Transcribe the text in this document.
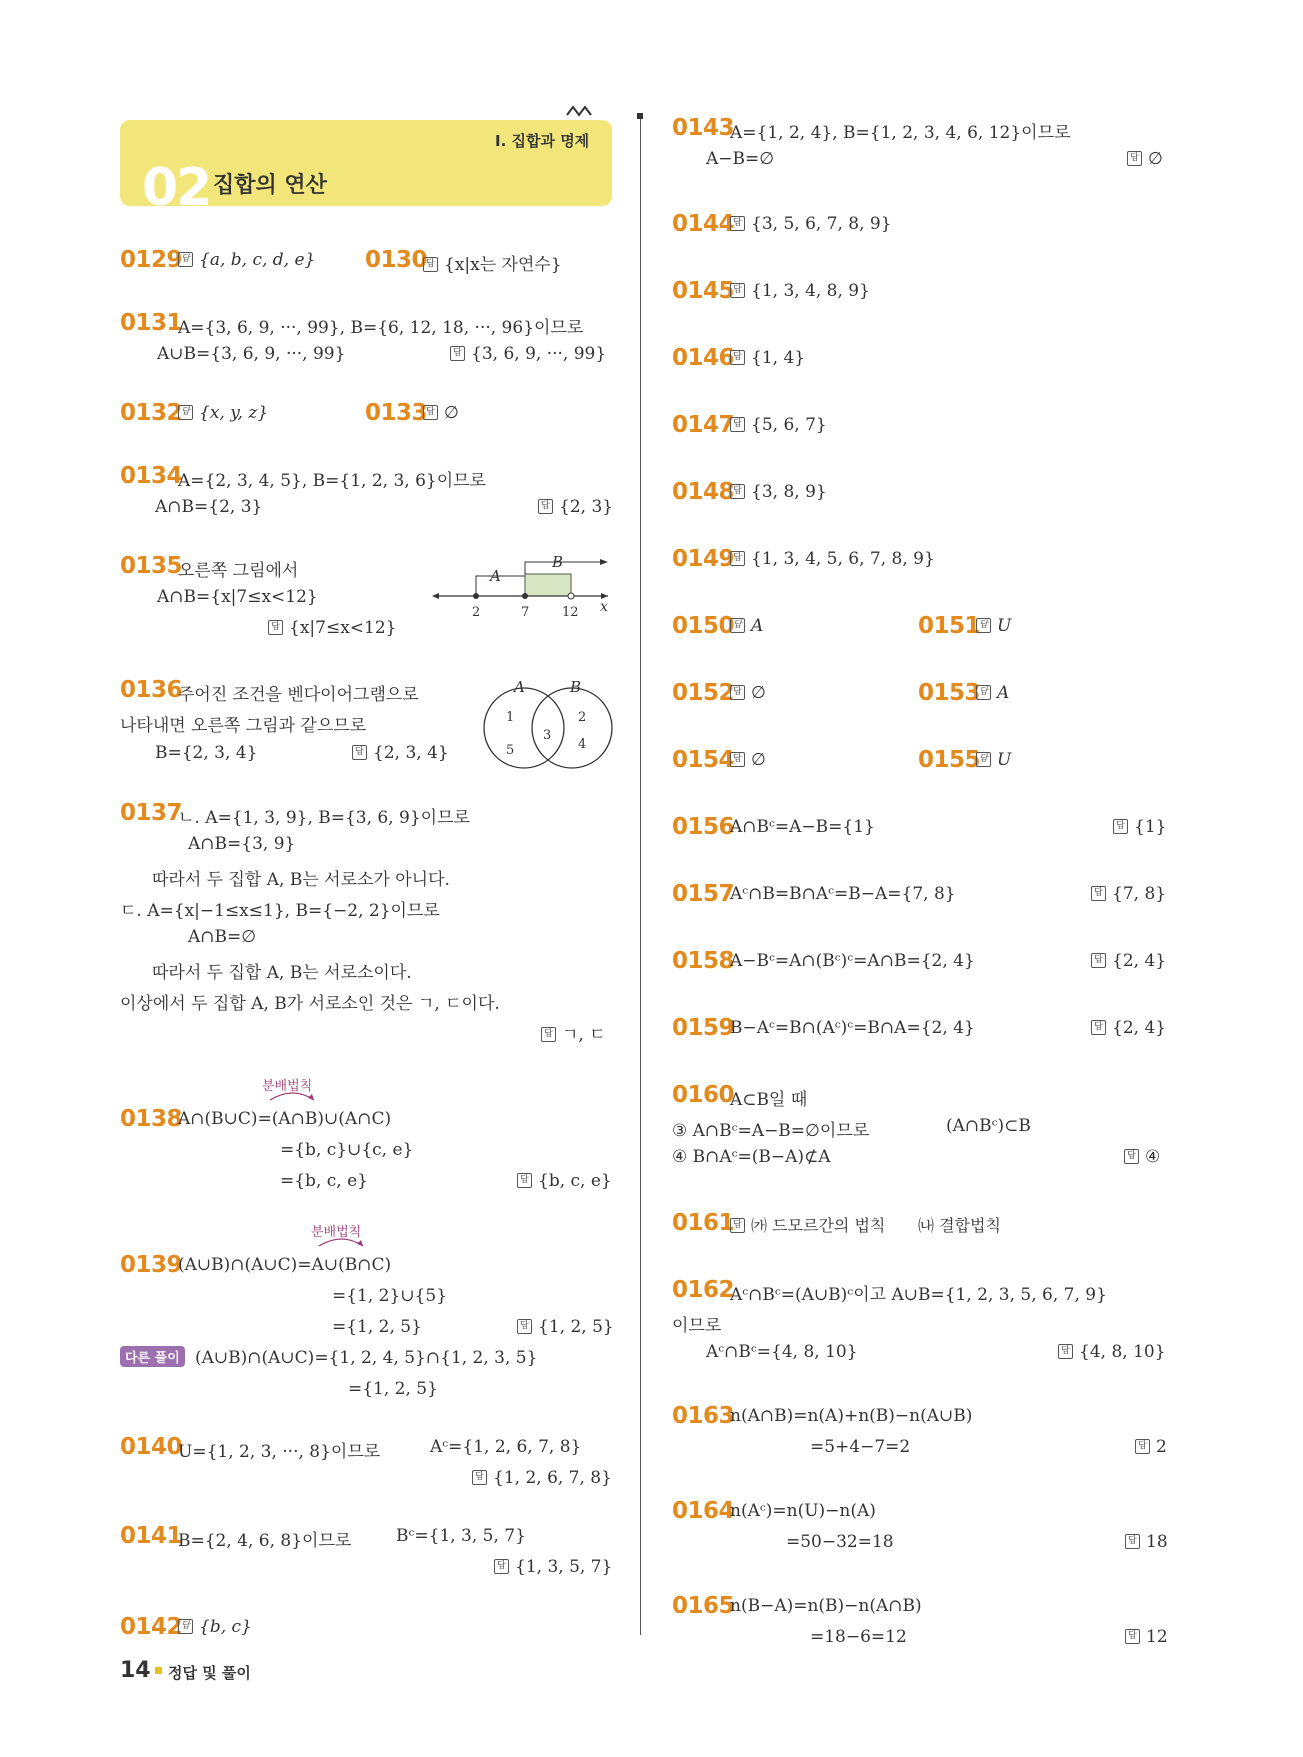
I. 집합과 명제
02 집합의 연산
0129 답 {a, b, c, d, e} 0130 답 {x|x는 자연수}
0131
A={3, 6, 9, ···, 99}, B={6, 12, 18, ···, 96}이므로
A∪B={3, 6, 9, ···, 99}	답 {3, 6, 9, ···, 99}
0132 답 {x, y, z}	0133 답 ∅
0134
A={2, 3, 4, 5}, B={1, 2, 3, 6}이므로
A∩B={2, 3}	답 {2, 3}
0135
오른쪽 그림에서
A∩B={x|7≤x<12}
답 {x|7≤x<12}
A
B
2	7	12 x
0136
주어진 조건을 벤다이어그램으로
나타내면 오른쪽 그림과 같으므로
B={2, 3, 4}	답 {2, 3, 4}
A	B
1
5
3
2
4
0137
ㄴ. A={1, 3, 9}, B={3, 6, 9}이므로
A∩B={3, 9}
따라서 두 집합 A, B는 서로소가 아니다.
ㄷ. A={x|−1≤x≤1}, B={−2, 2}이므로
A∩B=∅
따라서 두 집합 A, B는 서로소이다.
이상에서 두 집합 A, B가 서로소인 것은 ㄱ, ㄷ이다.
답 ㄱ, ㄷ
분배법칙
0138
A∩(B∪C)=(A∩B)∪(A∩C)
={b, c}∪{c, e}
={b, c, e}	답 {b, c, e}
분배법칙
0139
(A∪B)∩(A∪C)=A∪(B∩C)
={1, 2}∪{5}
={1, 2, 5}	답 {1, 2, 5}
다른 풀이 (A∪B)∩(A∪C)={1, 2, 4, 5}∩{1, 2, 3, 5}
={1, 2, 5}
0140
U={1, 2, 3, ···, 8}이므로	Aᶜ={1, 2, 6, 7, 8}
답 {1, 2, 6, 7, 8}
0141
B={2, 4, 6, 8}이므로	Bᶜ={1, 3, 5, 7}
답 {1, 3, 5, 7}
0142 답 {b, c}
0143
A={1, 2, 4}, B={1, 2, 3, 4, 6, 12}이므로
A−B=∅	답 ∅
0144 답 {3, 5, 6, 7, 8, 9}
0145 답 {1, 3, 4, 8, 9}
0146 답 {1, 4}
0147 답 {5, 6, 7}
0148 답 {3, 8, 9}
0149 답 {1, 3, 4, 5, 6, 7, 8, 9}
0150 답 A	0151 답 U
0152 답 ∅	0153 답 A
0154 답 ∅	0155 답 U
0156
A∩Bᶜ=A−B={1}	답 {1}
0157
Aᶜ∩B=B∩Aᶜ=B−A={7, 8}	답 {7, 8}
0158
A−Bᶜ=A∩(Bᶜ)ᶜ=A∩B={2, 4}	답 {2, 4}
0159
B−Aᶜ=B∩(Aᶜ)ᶜ=B∩A={2, 4}	답 {2, 4}
0160
A⊂B일 때
③ A∩Bᶜ=A−B=∅이므로	(A∩Bᶜ)⊂B
④ B∩Aᶜ=(B−A)⊄A	답 ④
0161 답 ㈎ 드모르간의 법칙 ㈏ 결합법칙
0162
Aᶜ∩Bᶜ=(A∪B)ᶜ이고 A∪B={1, 2, 3, 5, 6, 7, 9}
이므로
Aᶜ∩Bᶜ={4, 8, 10}	답 {4, 8, 10}
0163
n(A∩B)=n(A)+n(B)−n(A∪B)
=5+4−7=2	답 2
0164
n(Aᶜ)=n(U)−n(A)
=50−32=18	답 18
0165
n(B−A)=n(B)−n(A∩B)
=18−6=12	답 12
14 정답 및 풀이
